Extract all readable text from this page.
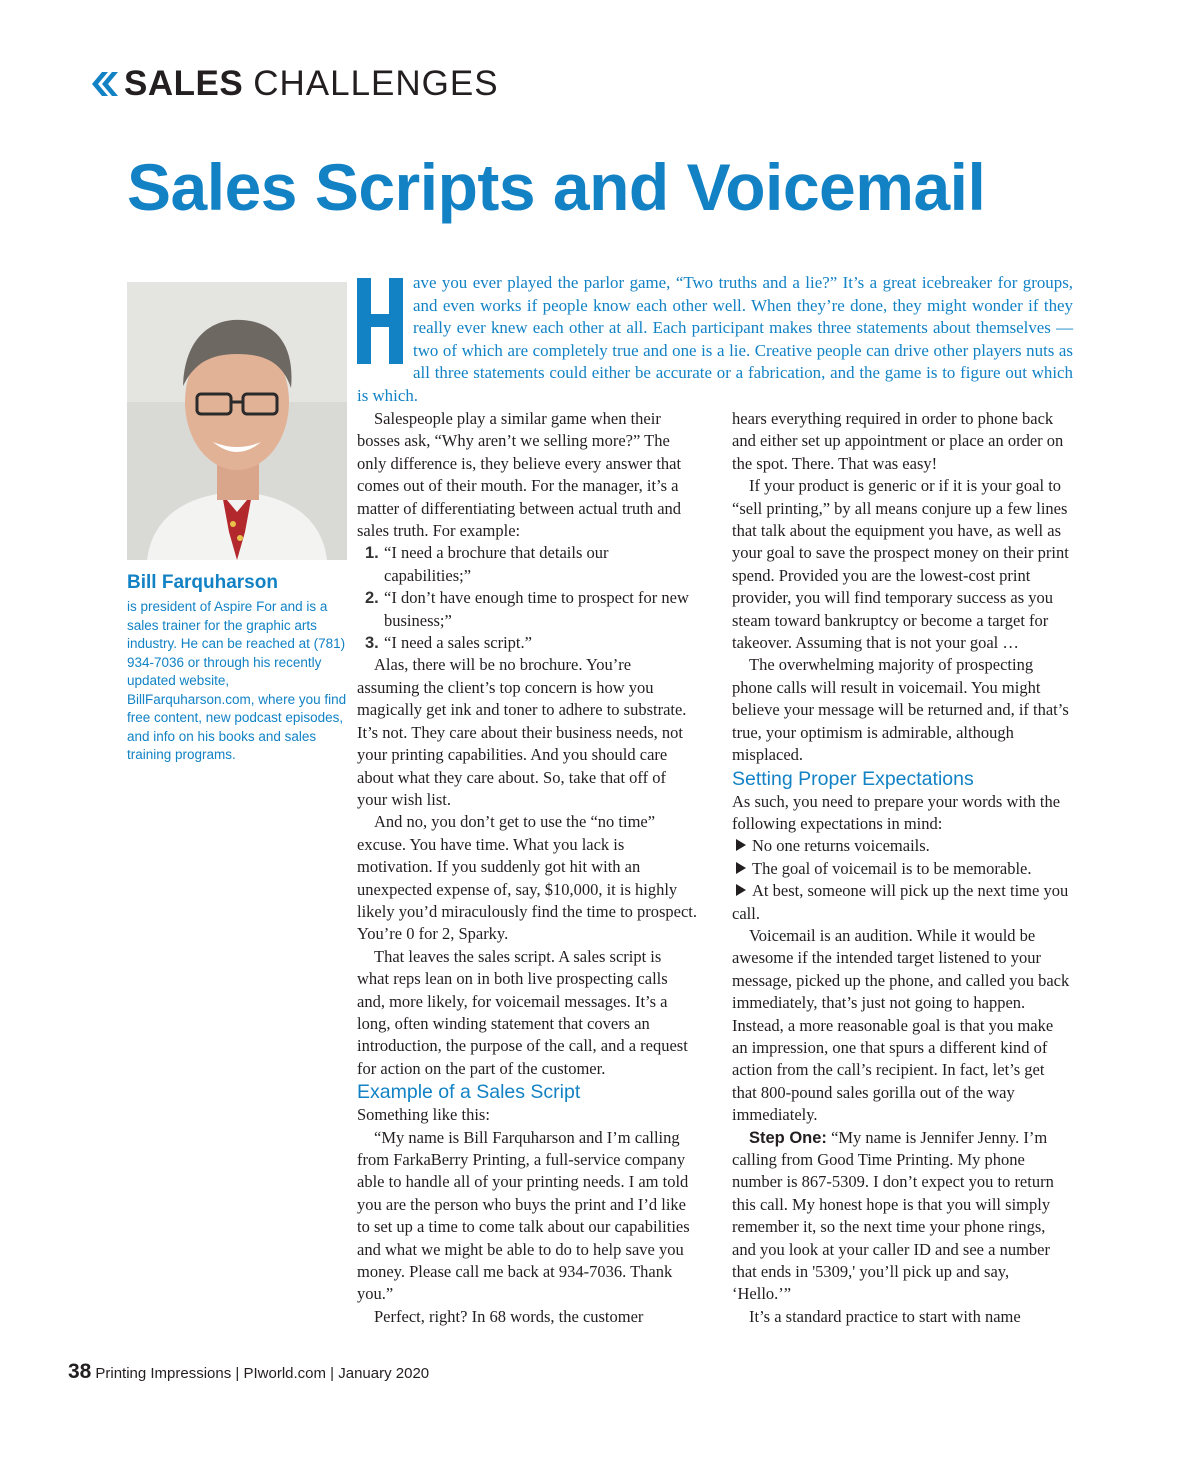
SALES CHALLENGES
Sales Scripts and Voicemail
Bill Farquharson
is president of Aspire For and is a sales trainer for the graphic arts industry. He can be reached at (781) 934-7036 or through his recently updated website, BillFarquharson.com, where you find free content, new podcast episodes, and info on his books and sales training programs.
ave you ever played the parlor game, “Two truths and a lie?” It’s a great icebreaker for groups, and even works if people know each other well. When they’re done, they might wonder if they really ever knew each other at all. Each participant makes three statements about themselves — two of which are completely true and one is a lie. Creative people can drive other players nuts as all three statements could either be accurate or a fabrication, and the game is to figure out which is which.

Salespeople play a similar game when their bosses ask, “Why aren’t we selling more?” The only difference is, they believe every answer that comes out of their mouth. For the manager, it’s a matter of differentiating between actual truth and sales truth. For example:

1. “I need a brochure that details our capabilities;”
2. “I don’t have enough time to prospect for new business;”
3. “I need a sales script.”

Alas, there will be no brochure. You’re assuming the client’s top concern is how you magically get ink and toner to adhere to substrate. It’s not. They care about their business needs, not your printing capabilities. And you should care about what they care about. So, take that off of your wish list.

And no, you don’t get to use the “no time” excuse. You have time. What you lack is motivation. If you suddenly got hit with an unexpected expense of, say, $10,000, it is highly likely you’d miraculously find the time to prospect. You’re 0 for 2, Sparky.

That leaves the sales script. A sales script is what reps lean on in both live prospecting calls and, more likely, for voicemail messages. It’s a long, often winding statement that covers an introduction, the purpose of the call, and a request for action on the part of the customer.

Example of a Sales Script

Something like this:

“My name is Bill Farquharson and I’m calling from FarkaBerry Printing, a full-service company able to handle all of your printing needs. I am told you are the person who buys the print and I’d like to set up a time to come talk about our capabilities and what we might be able to do to help save you money. Please call me back at 934-7036. Thank you.”

Perfect, right? In 68 words, the customer

hears everything required in order to phone back and either set up appointment or place an order on the spot. There. That was easy!

If your product is generic or if it is your goal to “sell printing,” by all means conjure up a few lines that talk about the equipment you have, as well as your goal to save the prospect money on their print spend. Provided you are the lowest-cost print provider, you will find temporary success as you steam toward bankruptcy or become a target for takeover. Assuming that is not your goal …

The overwhelming majority of prospecting phone calls will result in voicemail. You might believe your message will be returned and, if that’s true, your optimism is admirable, although misplaced.

Setting Proper Expectations

As such, you need to prepare your words with the following expectations in mind:

No one returns voicemails.
The goal of voicemail is to be memorable.
At best, someone will pick up the next time you call.

Voicemail is an audition. While it would be awesome if the intended target listened to your message, picked up the phone, and called you back immediately, that’s just not going to happen. Instead, a more reasonable goal is that you make an impression, one that spurs a different kind of action from the call’s recipient. In fact, let’s get that 800-pound sales gorilla out of the way immediately.

Step One: “My name is Jennifer Jenny. I’m calling from Good Time Printing. My phone number is 867-5309. I don’t expect you to return this call. My honest hope is that you will simply remember it, so the next time your phone rings, and you look at your caller ID and see a number that ends in '5309,' you’ll pick up and say, ‘Hello.’”

It’s a standard practice to start with name

38 Printing Impressions | PIworld.com | January 2020
